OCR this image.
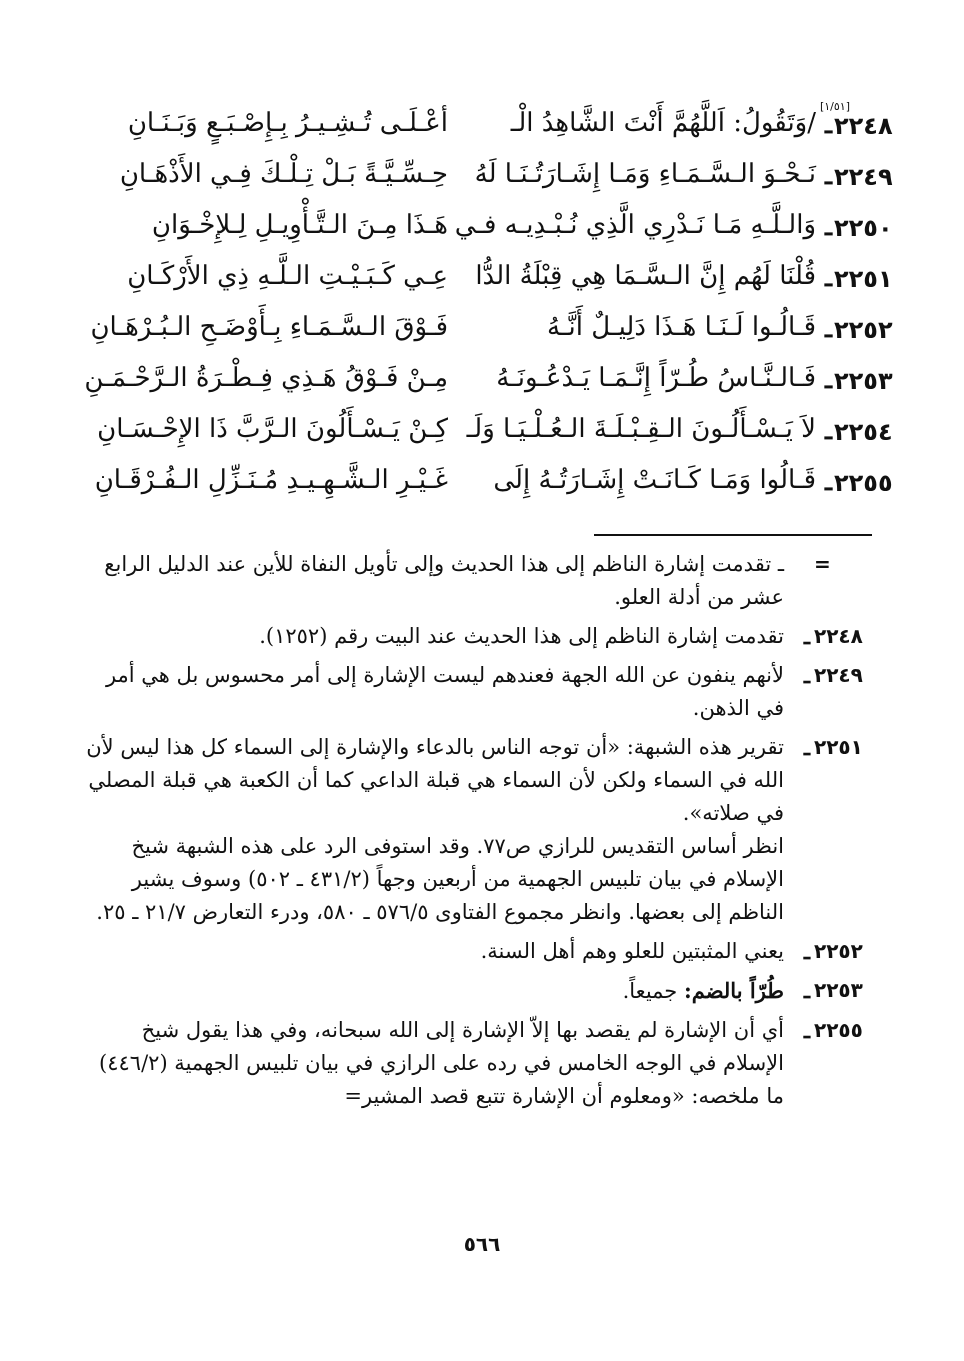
[١/٥١]
٢٢٤٨
ـ
/وَتَقُولُ: اَللَّهُمَّ أَنْتَ الشَّاهِدُ الْـ
أعْـلَـى تُـشِـيـرُ بِـإِصْـبَـعٍ وَبَـنَـانِ
٢٢٤٩
ـ
نَـحْـوَ الـسَّـمَـاءِ وَمَـا إِشَـارَتُـنَـا لَهُ
حِـسِّـيَّـةً بَـلْ تِـلْـكَ فِـي الأَذْهَـانِ
٢٢٥٠
ـ
وَالـلَّـهِ مَـا نَـدْرِي الَّذِي نُـبْـدِيـه فـي
هَـذَا مِـنَ الـتَّـأْوِيـلِ لِـلإِخْـوَانِ
٢٢٥١
ـ
قُلْنَا لَهُم إِنَّ الـسَّـمَا هِي قِبْلَةُ الدُّا
عِـي كَـبَـيْـتِ الـلَّـهِ ذِي الأَرْكَـانِ
٢٢٥٢
ـ
قَـالُـوا لَـنَـا هَـذَا دَلِيـلٌ أَنَّـهُ
فَـوْقَ الـسَّـمَـاءِ بِـأَوْضَـحِ الـبُـرْهَـانِ
٢٢٥٣
ـ
فَـالـنَّـاسُ طُـرّاً إِنَّـمَـا يَـدْعُـونَـهُ
مِـنْ فَـوْقُ هَـذِي فِـطْـرَةُ الـرَّحْـمَـنِ
٢٢٥٤
ـ
لاَ يَـسْـأَلُـونَ الـقِـبْـلَـةَ الـعُـلْـيَـا وَلَـ
كِـنْ يَـسْـأَلُونَ الـرَّبَّ ذَا الإِحْـسَـانِ
٢٢٥٥
ـ
قَـالُوا وَمَـا كَـانَـتْ إِشَـارَتُـهُ إِلَى
غَـيْـرِ الـشَّـهِـيـدِ مُـنَـزِّلِ الـفُـرْقَـانِ
=

ـ تقدمت إشارة الناظم إلى هذا الحديث وإلى تأويل النفاة للأين عند الدليل الرابع عشر من أدلة العلو.

٢٢٤٨
ـ

تقدمت إشارة الناظم إلى هذا الحديث عند البيت رقم (١٢٥٢).

٢٢٤٩
ـ

لأنهم ينفون عن الله الجهة فعندهم ليست الإشارة إلى أمر محسوس بل هي أمر في الذهن.

٢٢٥١
ـ

تقرير هذه الشبهة: «أن توجه الناس بالدعاء والإشارة إلى السماء كل هذا ليس لأن الله في السماء ولكن لأن السماء هي قبلة الداعي كما أن الكعبة هي قبلة المصلي في صلاته».

انظر أساس التقديس للرازي ص٧٧. وقد استوفى الرد على هذه الشبهة شيخ الإسلام في بيان تلبيس الجهمية من أربعين وجهاً (٤٣١/٢ ـ ٥٠٢) وسوف يشير الناظم إلى بعضها. وانظر مجموع الفتاوى ٥٧٦/٥ ـ ٥٨٠، ودرء التعارض ٢١/٧ ـ ٢٥.

٢٢٥٢
ـ

يعني المثبتين للعلو وهم أهل السنة.

٢٢٥٣
ـ

طُرّاً بالضم: جميعاً.

٢٢٥٥
ـ

أي أن الإشارة لم يقصد بها إلاّ الإشارة إلى الله سبحانه، وفي هذا يقول شيخ الإسلام في الوجه الخامس في رده على الرازي في بيان تلبيس الجهمية (٤٤٦/٢) ما ملخصه: «ومعلوم أن الإشارة تتبع قصد المشير=

٥٦٦
